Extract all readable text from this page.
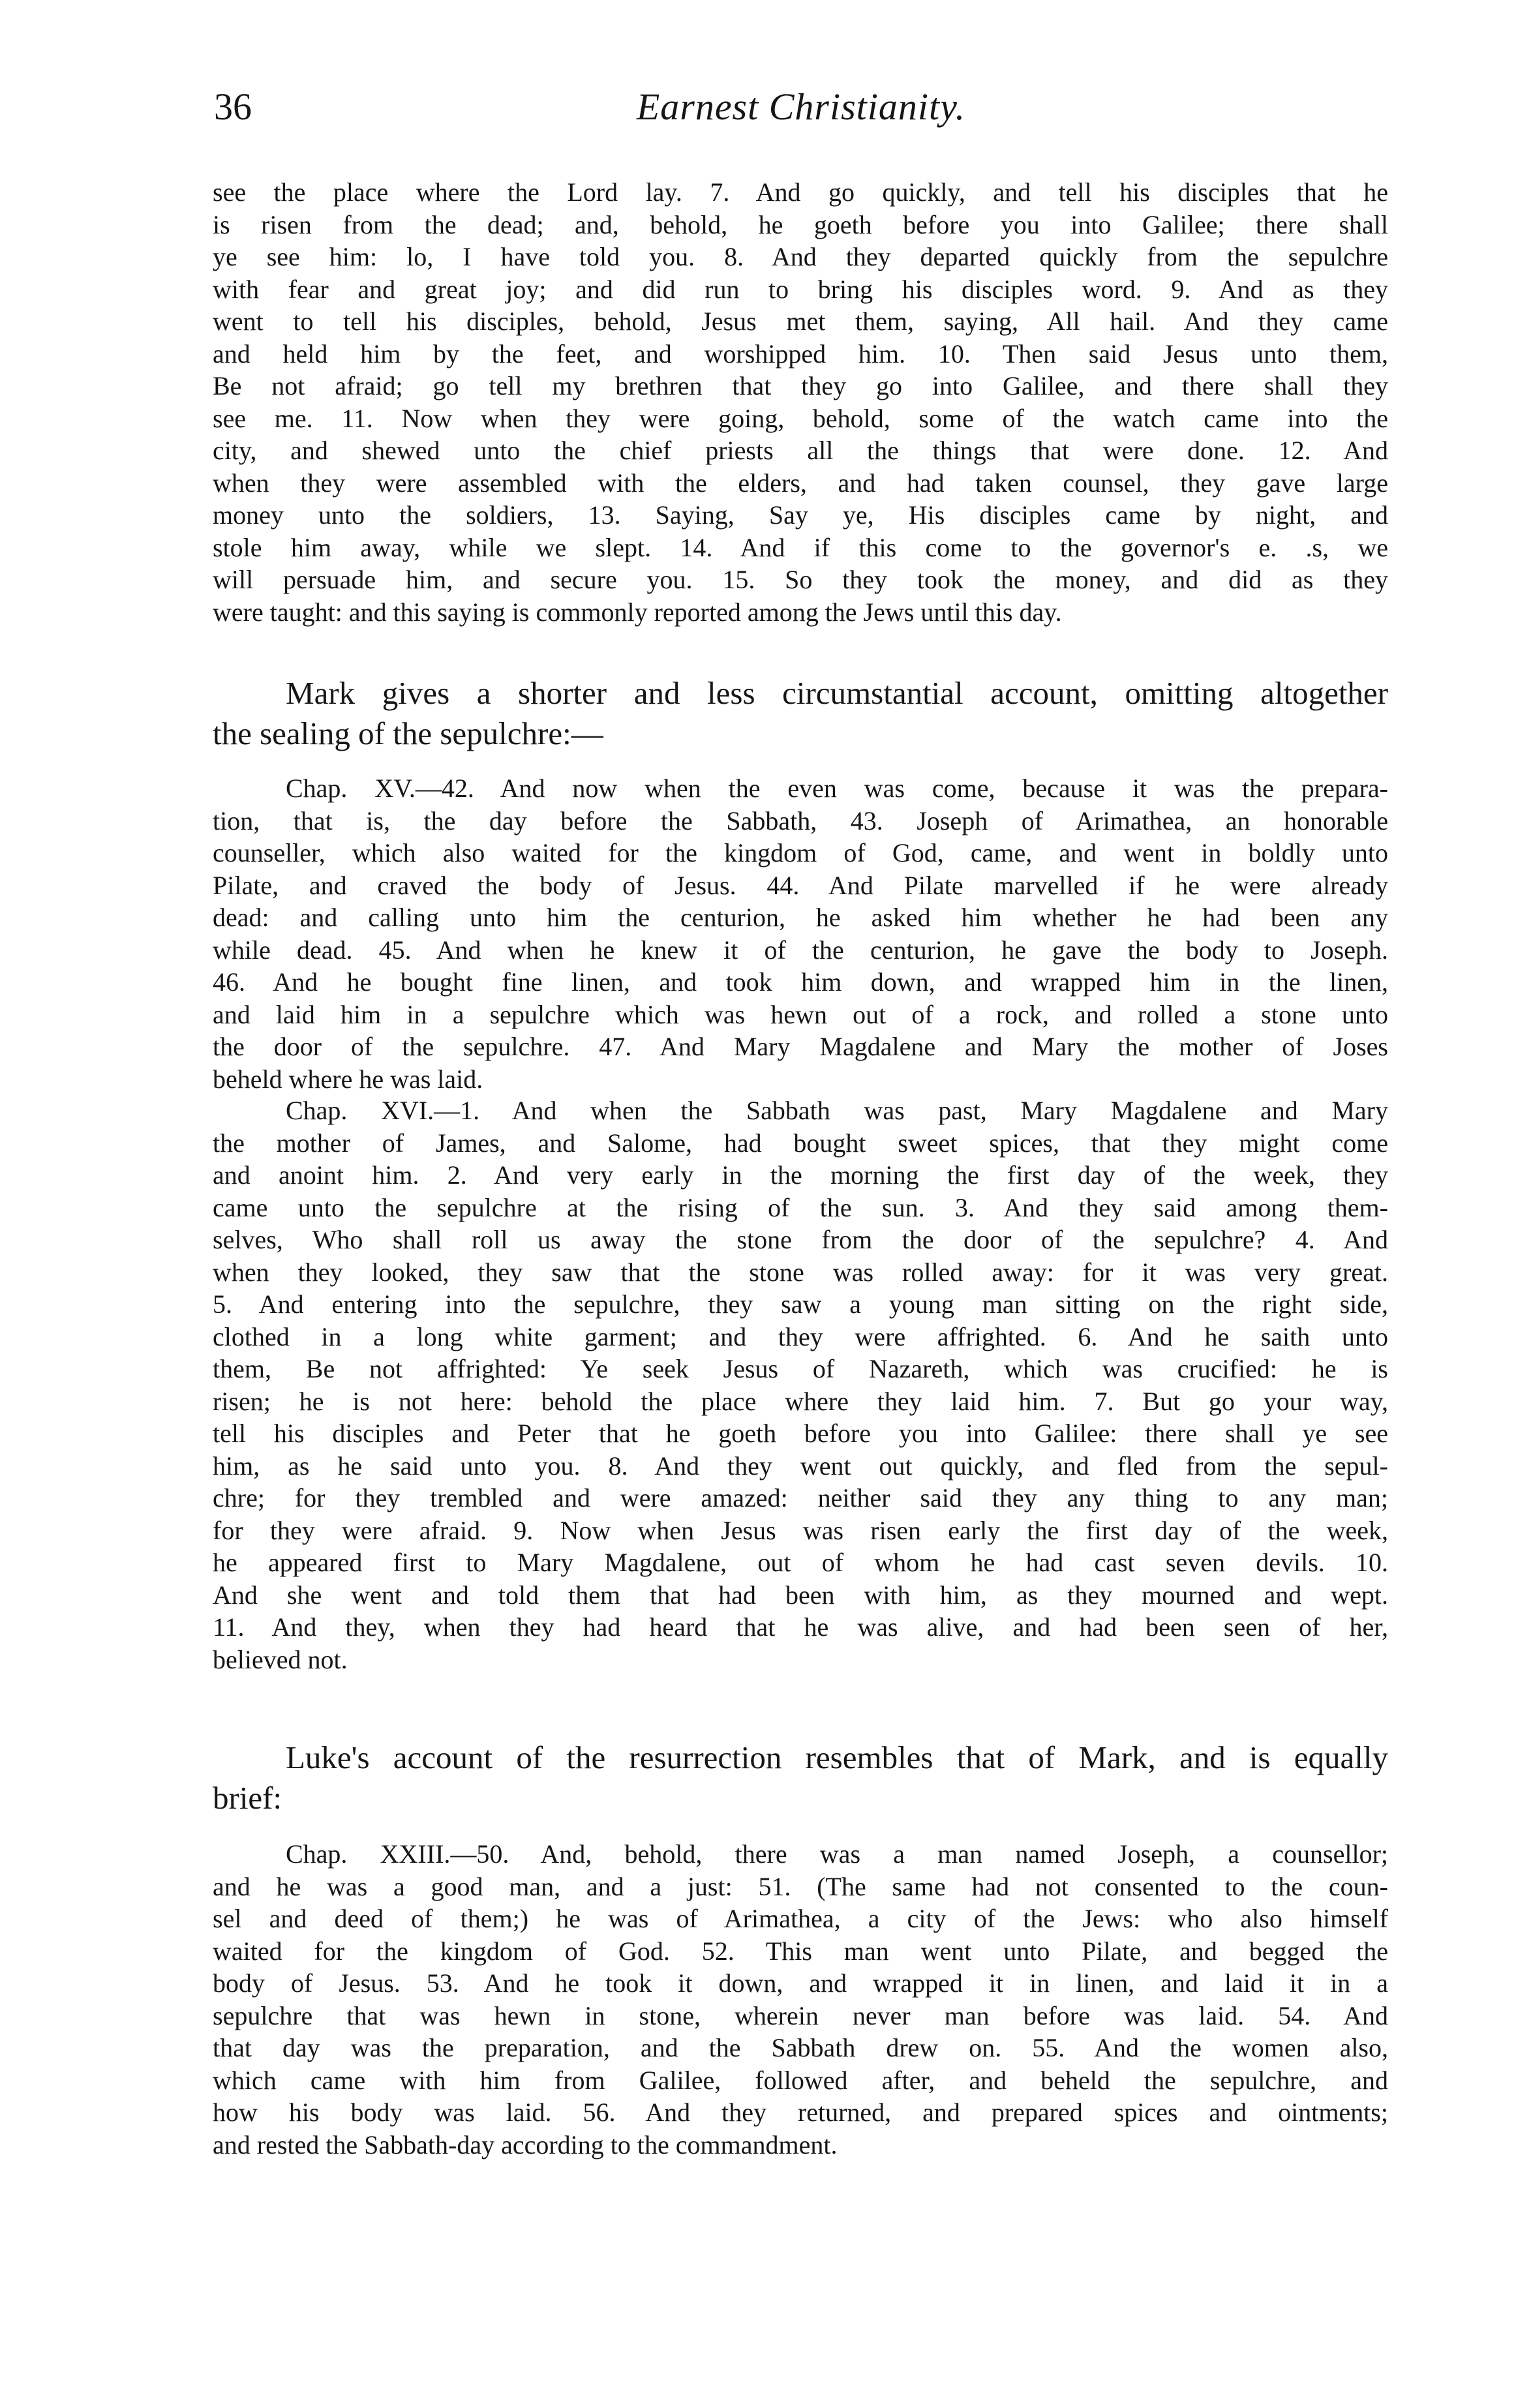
36	Earnest Christianity.
see the place where the Lord lay. 7. And go quickly, and tell his disciples that he
is risen from the dead; and, behold, he goeth before you into Galilee; there shall
ye see him: lo, I have told you. 8. And they departed quickly from the sepulchre
with fear and great joy; and did run to bring his disciples word. 9. And as they
went to tell his disciples, behold, Jesus met them, saying, All hail. And they came
and held him by the feet, and worshipped him. 10. Then said Jesus unto them,
Be not afraid; go tell my brethren that they go into Galilee, and there shall they
see me. 11. Now when they were going, behold, some of the watch came into the
city, and shewed unto the chief priests all the things that were done. 12. And
when they were assembled with the elders, and had taken counsel, they gave large
money unto the soldiers, 13. Saying, Say ye, His disciples came by night, and
stole him away, while we slept. 14. And if this come to the governor's e. .s, we
will persuade him, and secure you. 15. So they took the money, and did as they
were taught: and this saying is commonly reported among the Jews until this day.
Mark gives a shorter and less circumstantial account, omitting altogether
the sealing of the sepulchre:—
Chap. XV.—42. And now when the even was come, because it was the prepara-
tion, that is, the day before the Sabbath, 43. Joseph of Arimathea, an honorable
counseller, which also waited for the kingdom of God, came, and went in boldly unto
Pilate, and craved the body of Jesus. 44. And Pilate marvelled if he were already
dead: and calling unto him the centurion, he asked him whether he had been any
while dead. 45. And when he knew it of the centurion, he gave the body to Joseph.
46. And he bought fine linen, and took him down, and wrapped him in the linen,
and laid him in a sepulchre which was hewn out of a rock, and rolled a stone unto
the door of the sepulchre. 47. And Mary Magdalene and Mary the mother of Joses
beheld where he was laid.
Chap. XVI.—1. And when the Sabbath was past, Mary Magdalene and Mary
the mother of James, and Salome, had bought sweet spices, that they might come
and anoint him. 2. And very early in the morning the first day of the week, they
came unto the sepulchre at the rising of the sun. 3. And they said among them-
selves, Who shall roll us away the stone from the door of the sepulchre? 4. And
when they looked, they saw that the stone was rolled away: for it was very great.
5. And entering into the sepulchre, they saw a young man sitting on the right side,
clothed in a long white garment; and they were affrighted. 6. And he saith unto
them, Be not affrighted: Ye seek Jesus of Nazareth, which was crucified: he is
risen; he is not here: behold the place where they laid him. 7. But go your way,
tell his disciples and Peter that he goeth before you into Galilee: there shall ye see
him, as he said unto you. 8. And they went out quickly, and fled from the sepul-
chre; for they trembled and were amazed: neither said they any thing to any man;
for they were afraid. 9. Now when Jesus was risen early the first day of the week,
he appeared first to Mary Magdalene, out of whom he had cast seven devils. 10.
And she went and told them that had been with him, as they mourned and wept.
11. And they, when they had heard that he was alive, and had been seen of her,
believed not.
Luke's account of the resurrection resembles that of Mark, and is equally
brief:
Chap. XXIII.—50. And, behold, there was a man named Joseph, a counsellor;
and he was a good man, and a just: 51. (The same had not consented to the coun-
sel and deed of them;) he was of Arimathea, a city of the Jews: who also himself
waited for the kingdom of God. 52. This man went unto Pilate, and begged the
body of Jesus. 53. And he took it down, and wrapped it in linen, and laid it in a
sepulchre that was hewn in stone, wherein never man before was laid. 54. And
that day was the preparation, and the Sabbath drew on. 55. And the women also,
which came with him from Galilee, followed after, and beheld the sepulchre, and
how his body was laid. 56. And they returned, and prepared spices and ointments;
and rested the Sabbath-day according to the commandment.
